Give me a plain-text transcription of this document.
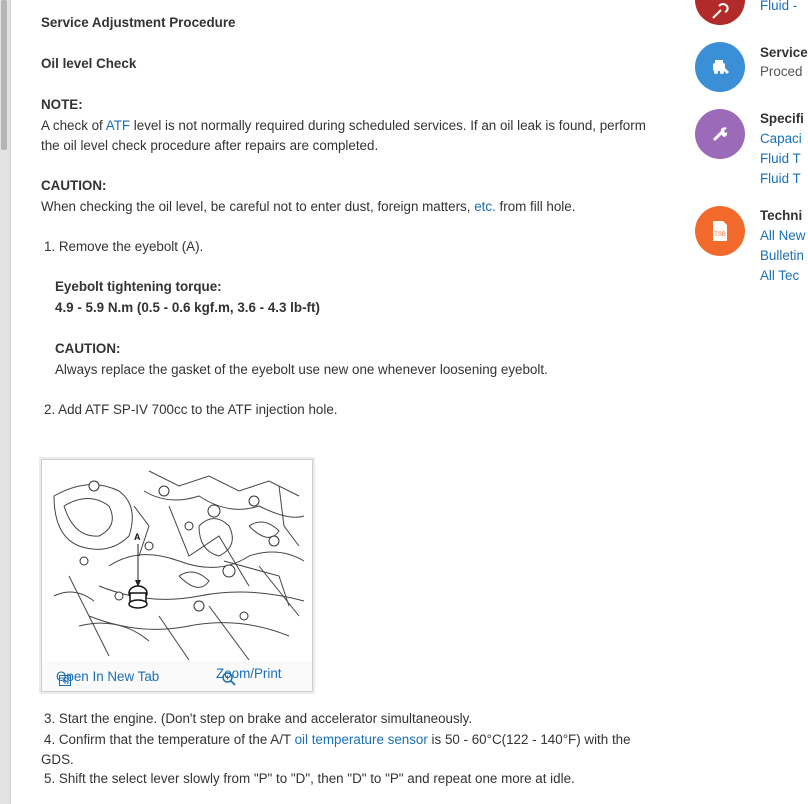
Service Adjustment Procedure
Oil level Check
NOTE:
A check of ATF level is not normally required during scheduled services. If an oil leak is found, perform the oil level check procedure after repairs are completed.
CAUTION:
When checking the oil level, be careful not to enter dust, foreign matters, etc. from fill hole.
1. Remove the eyebolt (A).
Eyebolt tightening torque:
4.9 - 5.9 N.m (0.5 - 0.6 kgf.m, 3.6 - 4.3 lb-ft)
CAUTION:
Always replace the gasket of the eyebolt use new one whenever loosening eyebolt.
2. Add ATF SP-IV 700cc to the ATF injection hole.
A
Open In New Tab	Zoom/Print
3. Start the engine. (Don't step on brake and accelerator simultaneously.
4. Confirm that the temperature of the A/T oil temperature sensor is 50 - 60°C(122 - 140°F) with the GDS.
5. Shift the select lever slowly from "P" to "D", then "D" to "P" and repeat one more at idle.
Fluid -
Service
Proced
Specifi
Capaci
Fluid T
Fluid T
TSB
Techni
All New
Bulletin
All Tec
